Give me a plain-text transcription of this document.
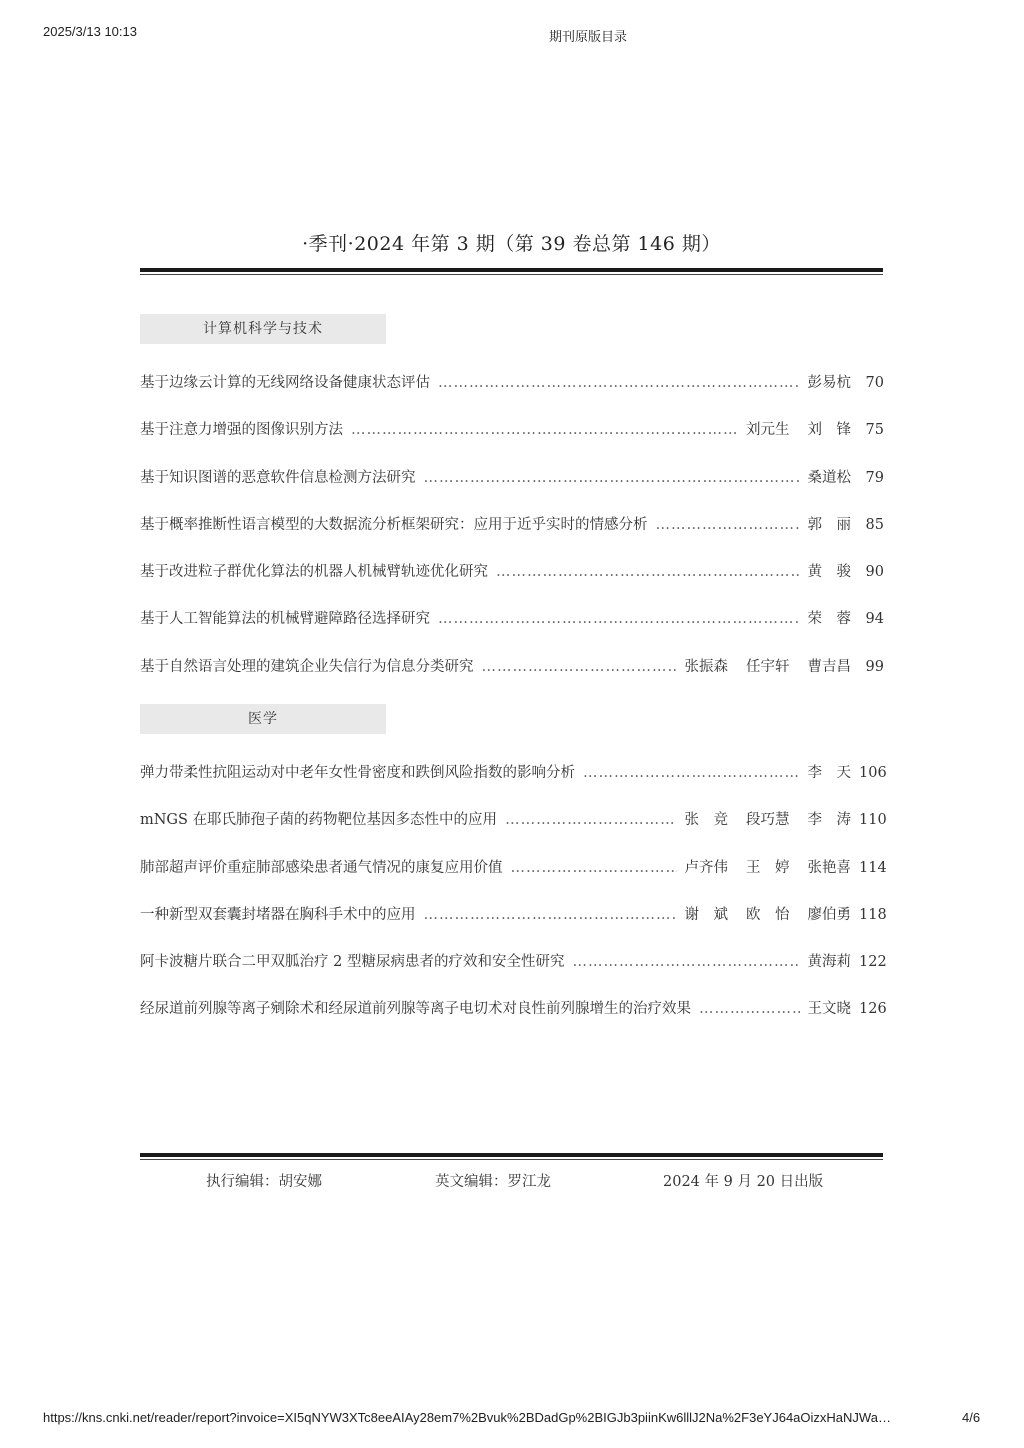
2025/3/13 10:13	期刊原版目录
·季刊·2024 年第 3 期（第 39 卷总第 146 期）
计算机科学与技术
基于边缘云计算的无线网络设备健康状态评估 ……………………………………………………………………………………………………………………………………………………………………	彭易杭	70
基于注意力增强的图像识别方法 ……………………………………………………………………………………………………………………………………………………………………	刘元生 刘　锋	75
基于知识图谱的恶意软件信息检测方法研究 ……………………………………………………………………………………………………………………………………………………………………	桑道松	79
基于概率推断性语言模型的大数据流分析框架研究：应用于近乎实时的情感分析 ……………………………………………………………………………………………………………………………………………………………………	郭　丽	85
基于改进粒子群优化算法的机器人机械臂轨迹优化研究 ……………………………………………………………………………………………………………………………………………………………………	黄　骏	90
基于人工智能算法的机械臂避障路径选择研究 ……………………………………………………………………………………………………………………………………………………………………	荣　蓉	94
基于自然语言处理的建筑企业失信行为信息分类研究 ……………………………………………………………………………………………………………………………………………………………………	张振森 任宇轩 曹吉昌	99
医学
弹力带柔性抗阻运动对中老年女性骨密度和跌倒风险指数的影响分析 ……………………………………………………………………………………………………………………………………………………………………	李　天 106
mNGS 在耶氏肺孢子菌的药物靶位基因多态性中的应用 ……………………………………………………………………………………………………………………………………………………………………	张　竞 段巧慧 李　涛 110
肺部超声评价重症肺部感染患者通气情况的康复应用价值 ……………………………………………………………………………………………………………………………………………………………………	卢齐伟 王　婷 张艳喜 114
一种新型双套囊封堵器在胸科手术中的应用 ……………………………………………………………………………………………………………………………………………………………………	谢　斌 欧　怡 廖伯勇 118
阿卡波糖片联合二甲双胍治疗 2 型糖尿病患者的疗效和安全性研究 ……………………………………………………………………………………………………………………………………………………………………	黄海莉 122
经尿道前列腺等离子剜除术和经尿道前列腺等离子电切术对良性前列腺增生的治疗效果 ……………………………………………………………………………………………………………………………………………………………………	王文晓 126
执行编辑：胡安娜	英文编辑：罗江龙	2024 年 9 月 20 日出版
https://kns.cnki.net/reader/report?invoice=XI5qNYW3XTc8eeAIAy28em7%2Bvuk%2BDadGp%2BIGJb3piinKw6lllJ2Na%2F3eYJ64aOizxHaNJWa…	4/6
